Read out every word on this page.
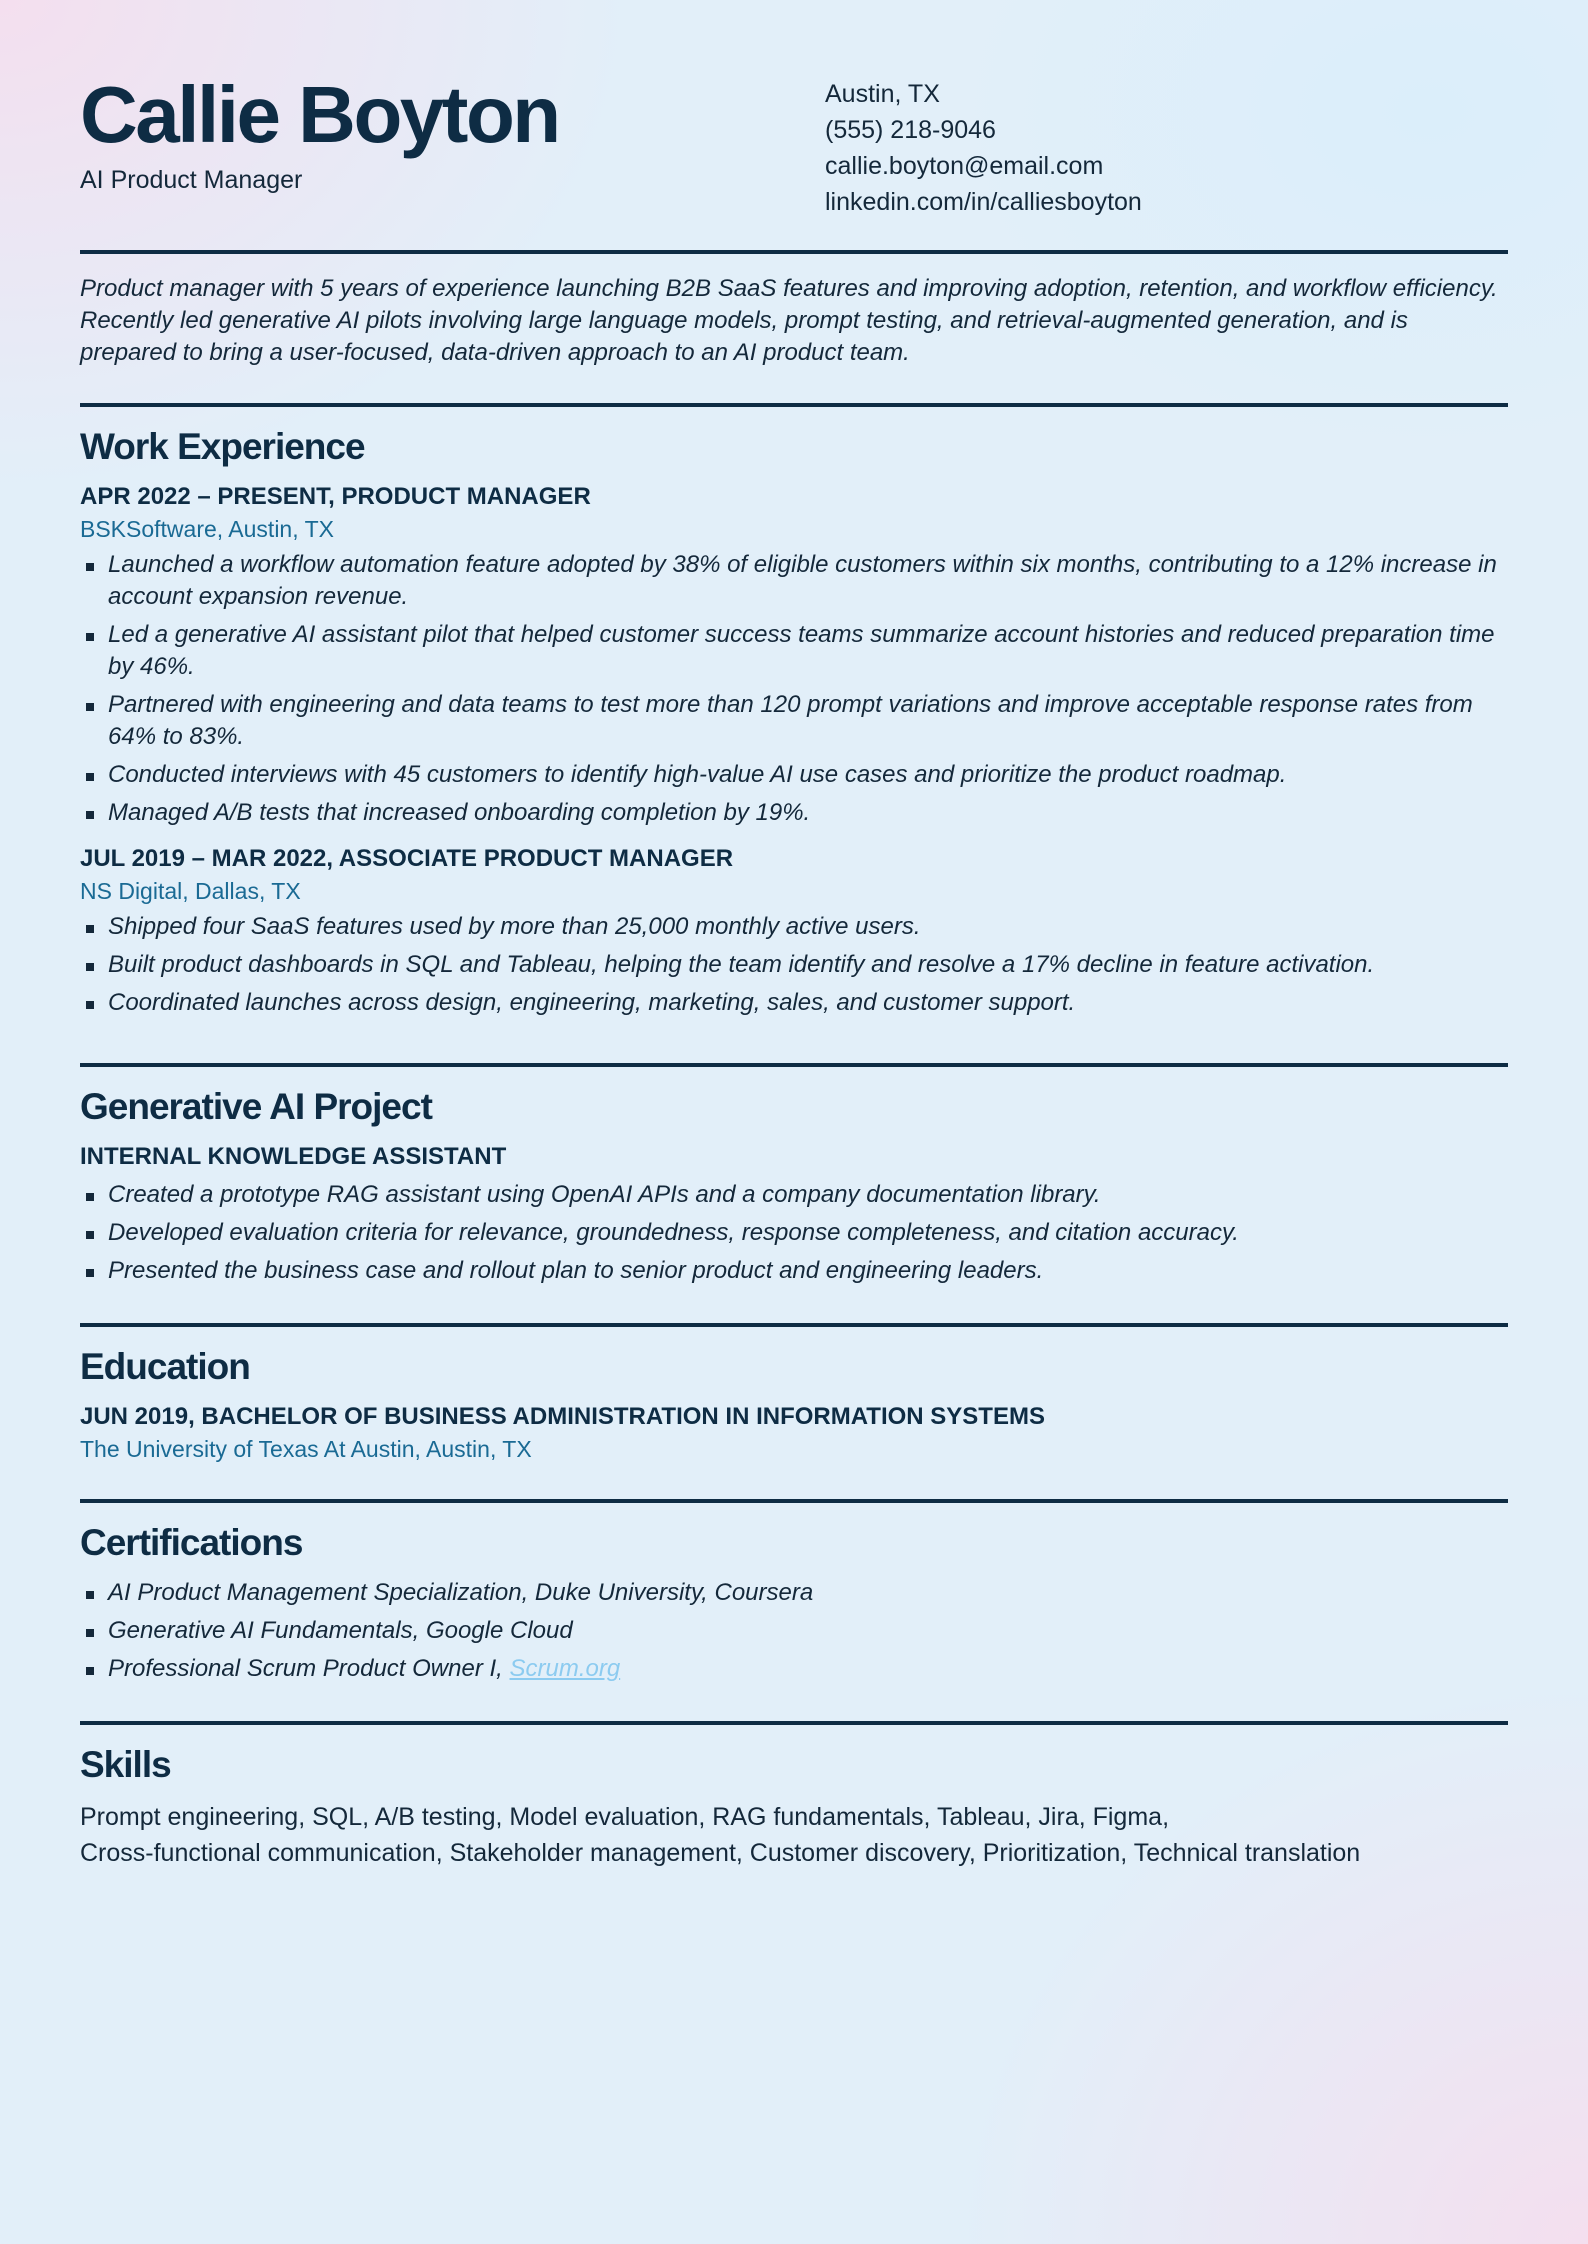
Callie Boyton
AI Product Manager
Austin, TX
(555) 218-9046
callie.boyton@email.com
linkedin.com/in/calliesboyton

Product manager with 5 years of experience launching B2B SaaS features and improving adoption, retention, and workflow efficiency. Recently led generative AI pilots involving large language models, prompt testing, and retrieval-augmented generation, and is prepared to bring a user-focused, data-driven approach to an AI product team.

Work Experience
APR 2022 – PRESENT, PRODUCT MANAGER
BSKSoftware, Austin, TX
Launched a workflow automation feature adopted by 38% of eligible customers within six months, contributing to a 12% increase in account expansion revenue.
Led a generative AI assistant pilot that helped customer success teams summarize account histories and reduced preparation time by 46%.
Partnered with engineering and data teams to test more than 120 prompt variations and improve acceptable response rates from 64% to 83%.
Conducted interviews with 45 customers to identify high-value AI use cases and prioritize the product roadmap.
Managed A/B tests that increased onboarding completion by 19%.
JUL 2019 – MAR 2022, ASSOCIATE PRODUCT MANAGER
NS Digital, Dallas, TX
Shipped four SaaS features used by more than 25,000 monthly active users.
Built product dashboards in SQL and Tableau, helping the team identify and resolve a 17% decline in feature activation.
Coordinated launches across design, engineering, marketing, sales, and customer support.
Generative AI Project
INTERNAL KNOWLEDGE ASSISTANT
Created a prototype RAG assistant using OpenAI APIs and a company documentation library.
Developed evaluation criteria for relevance, groundedness, response completeness, and citation accuracy.
Presented the business case and rollout plan to senior product and engineering leaders.
Education
JUN 2019, BACHELOR OF BUSINESS ADMINISTRATION IN INFORMATION SYSTEMS
The University of Texas At Austin, Austin, TX
Certifications
AI Product Management Specialization, Duke University, Coursera
Generative AI Fundamentals, Google Cloud
Professional Scrum Product Owner I, Scrum.org
Skills
Prompt engineering, SQL, A/B testing, Model evaluation, RAG fundamentals, Tableau, Jira, Figma,
Cross-functional communication, Stakeholder management, Customer discovery, Prioritization, Technical translation
